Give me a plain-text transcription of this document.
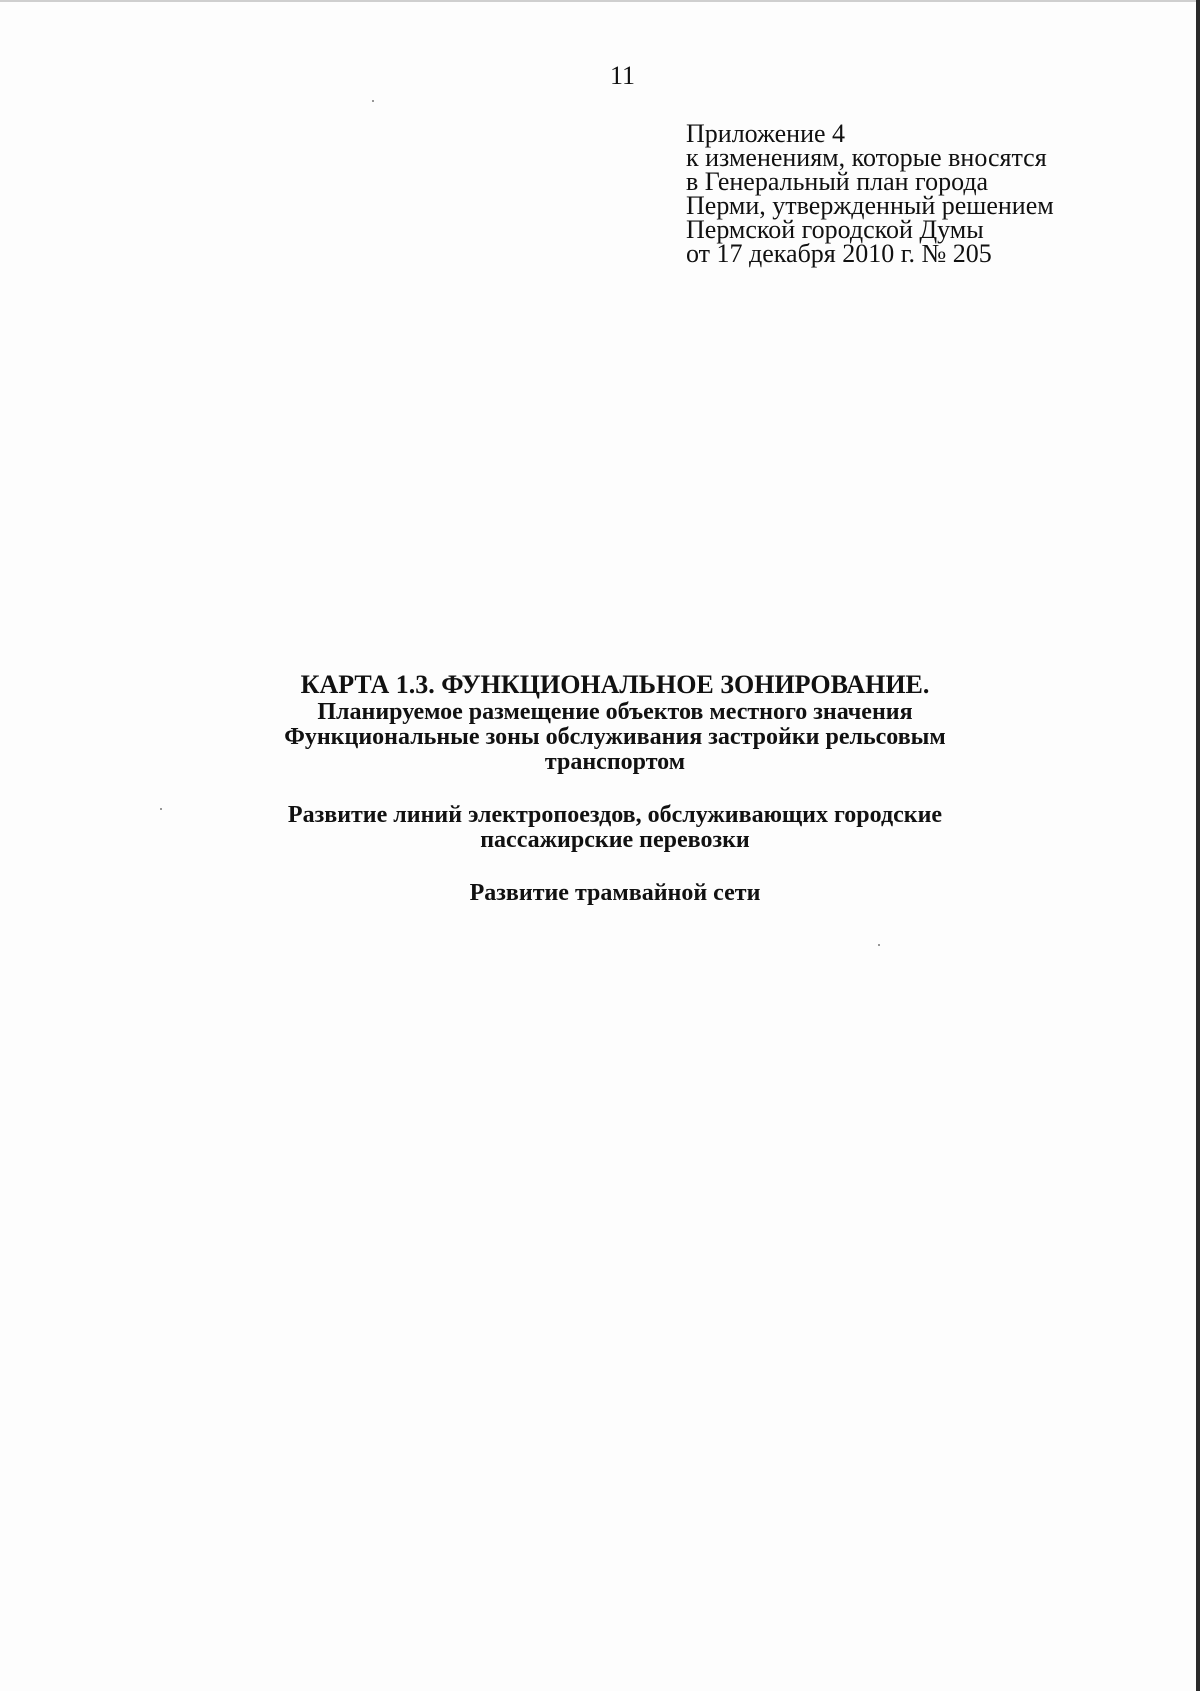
11
Приложение 4
к изменениям, которые вносятся
в Генеральный план города
Перми, утвержденный решением
Пермской городской Думы
от 17 декабря 2010 г. № 205
КАРТА 1.3. ФУНКЦИОНАЛЬНОЕ ЗОНИРОВАНИЕ.
Планируемое размещение объектов местного значения
Функциональные зоны обслуживания застройки рельсовым
транспортом
Развитие линий электропоездов, обслуживающих городские
пассажирские перевозки
Развитие трамвайной сети
